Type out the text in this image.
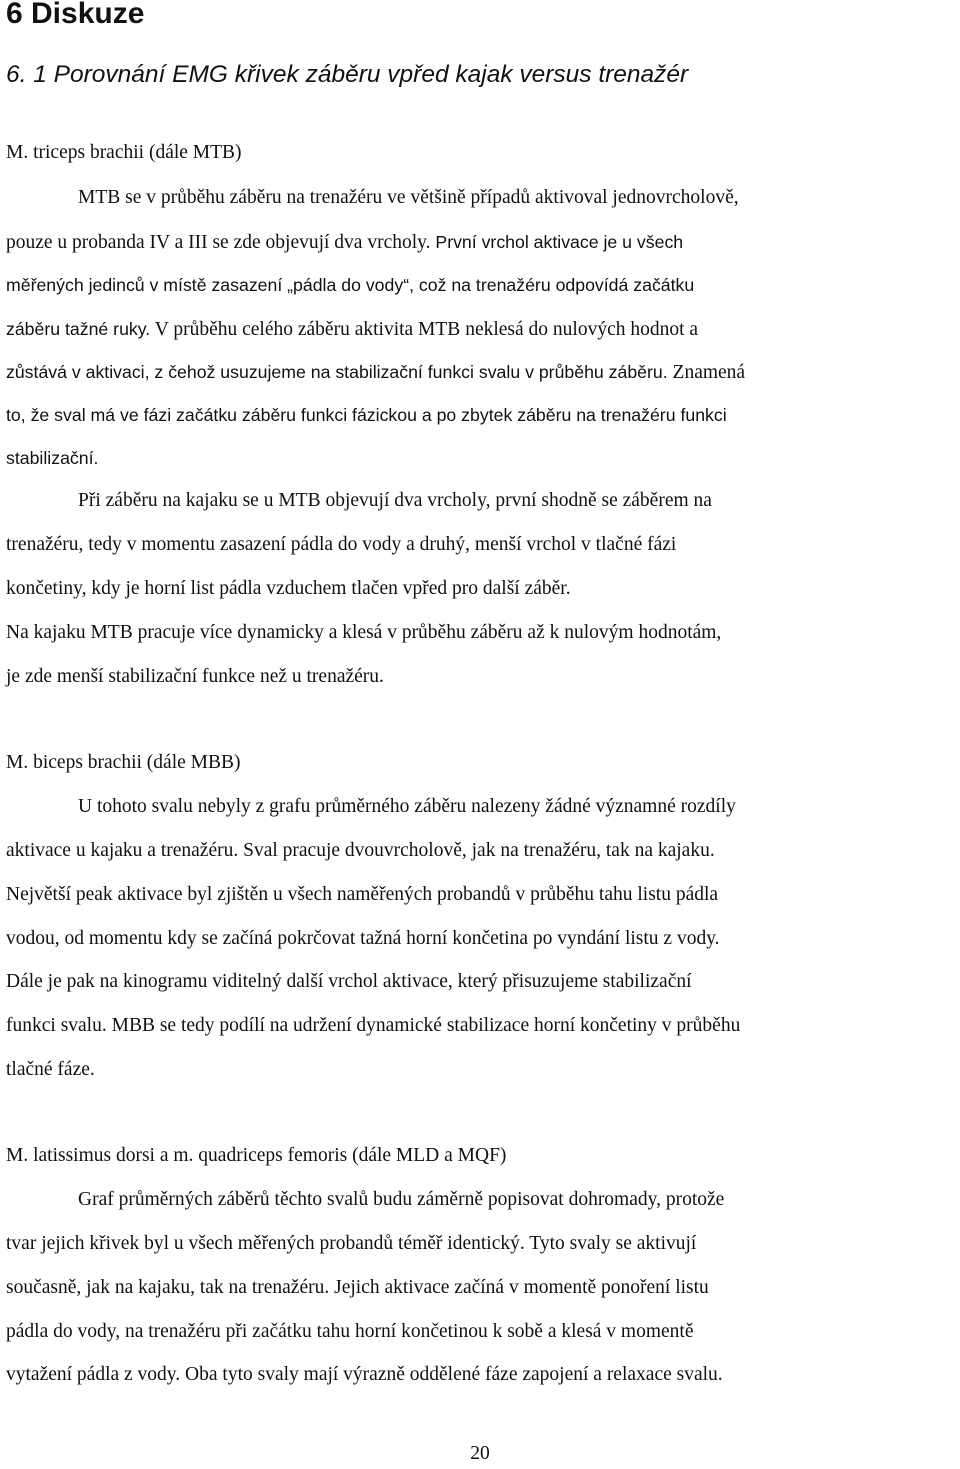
6 Diskuze
6. 1 Porovnání EMG křivek záběru vpřed kajak versus trenažér
M. triceps brachii (dále MTB)
MTB se v průběhu záběru na trenažéru ve většině případů aktivoval jednovrcholově,
pouze u probanda IV a III se zde objevují dva vrcholy. První vrchol aktivace je u všech
měřených jedinců v místě zasazení „pádla do vody“, což na trenažéru odpovídá začátku
záběru tažné ruky. V průběhu celého záběru aktivita MTB neklesá do nulových hodnot a
zůstává v aktivaci, z čehož usuzujeme na stabilizační funkci svalu v průběhu záběru. Znamená
to, že sval má ve fázi začátku záběru funkci fázickou a po zbytek záběru na trenažéru funkci
stabilizační.
Při záběru na kajaku se u MTB objevují dva vrcholy, první shodně se záběrem na
trenažéru, tedy v momentu zasazení pádla do vody a druhý, menší vrchol v tlačné fázi
končetiny, kdy je horní list pádla vzduchem tlačen vpřed pro další záběr.
Na kajaku MTB pracuje více dynamicky a klesá v průběhu záběru až k nulovým hodnotám,
je zde menší stabilizační funkce než u trenažéru.
M. biceps brachii (dále MBB)
U tohoto svalu nebyly z grafu průměrného záběru nalezeny žádné významné rozdíly
aktivace u kajaku a trenažéru. Sval pracuje dvouvrcholově, jak na trenažéru, tak na kajaku.
Největší peak aktivace byl zjištěn u všech naměřených probandů v průběhu tahu listu pádla
vodou, od momentu kdy se začíná pokrčovat tažná horní končetina po vyndání listu z vody.
Dále je pak na kinogramu viditelný další vrchol aktivace, který přisuzujeme stabilizační
funkci svalu. MBB se tedy podílí na udržení dynamické stabilizace horní končetiny v průběhu
tlačné fáze.
M. latissimus dorsi a m. quadriceps femoris (dále MLD a MQF)
Graf průměrných záběrů těchto svalů budu záměrně popisovat dohromady, protože
tvar jejich křivek byl u všech měřených probandů téměř identický. Tyto svaly se aktivují
současně, jak na kajaku, tak na trenažéru. Jejich aktivace začíná v momentě ponoření listu
pádla do vody, na trenažéru při začátku tahu horní končetinou k sobě a klesá v momentě
vytažení pádla z vody. Oba tyto svaly mají výrazně oddělené fáze zapojení a relaxace svalu.
20
